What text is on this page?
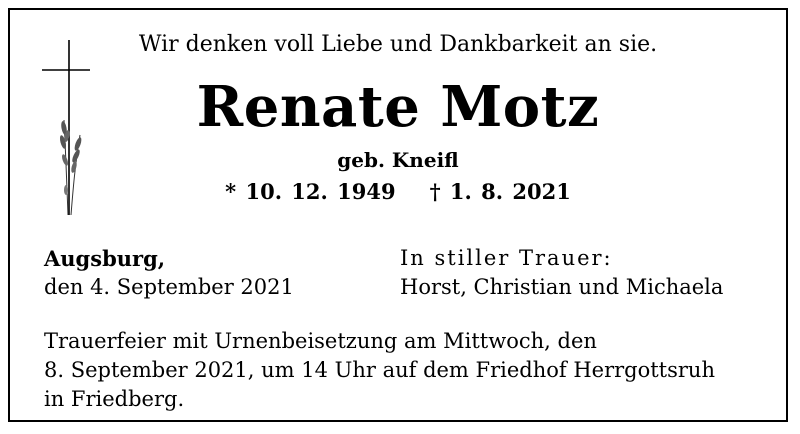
Wir denken voll Liebe und Dankbarkeit an sie.
Renate Motz
geb. Kneifl
* 10. 12. 1949 † 1. 8. 2021
Augsburg,
den 4. September 2021
In stiller Trauer:
Horst, Christian und Michaela
Trauerfeier mit Urnenbeisetzung am Mittwoch, den
8. September 2021, um 14 Uhr auf dem Friedhof Herrgottsruh
in Friedberg.
